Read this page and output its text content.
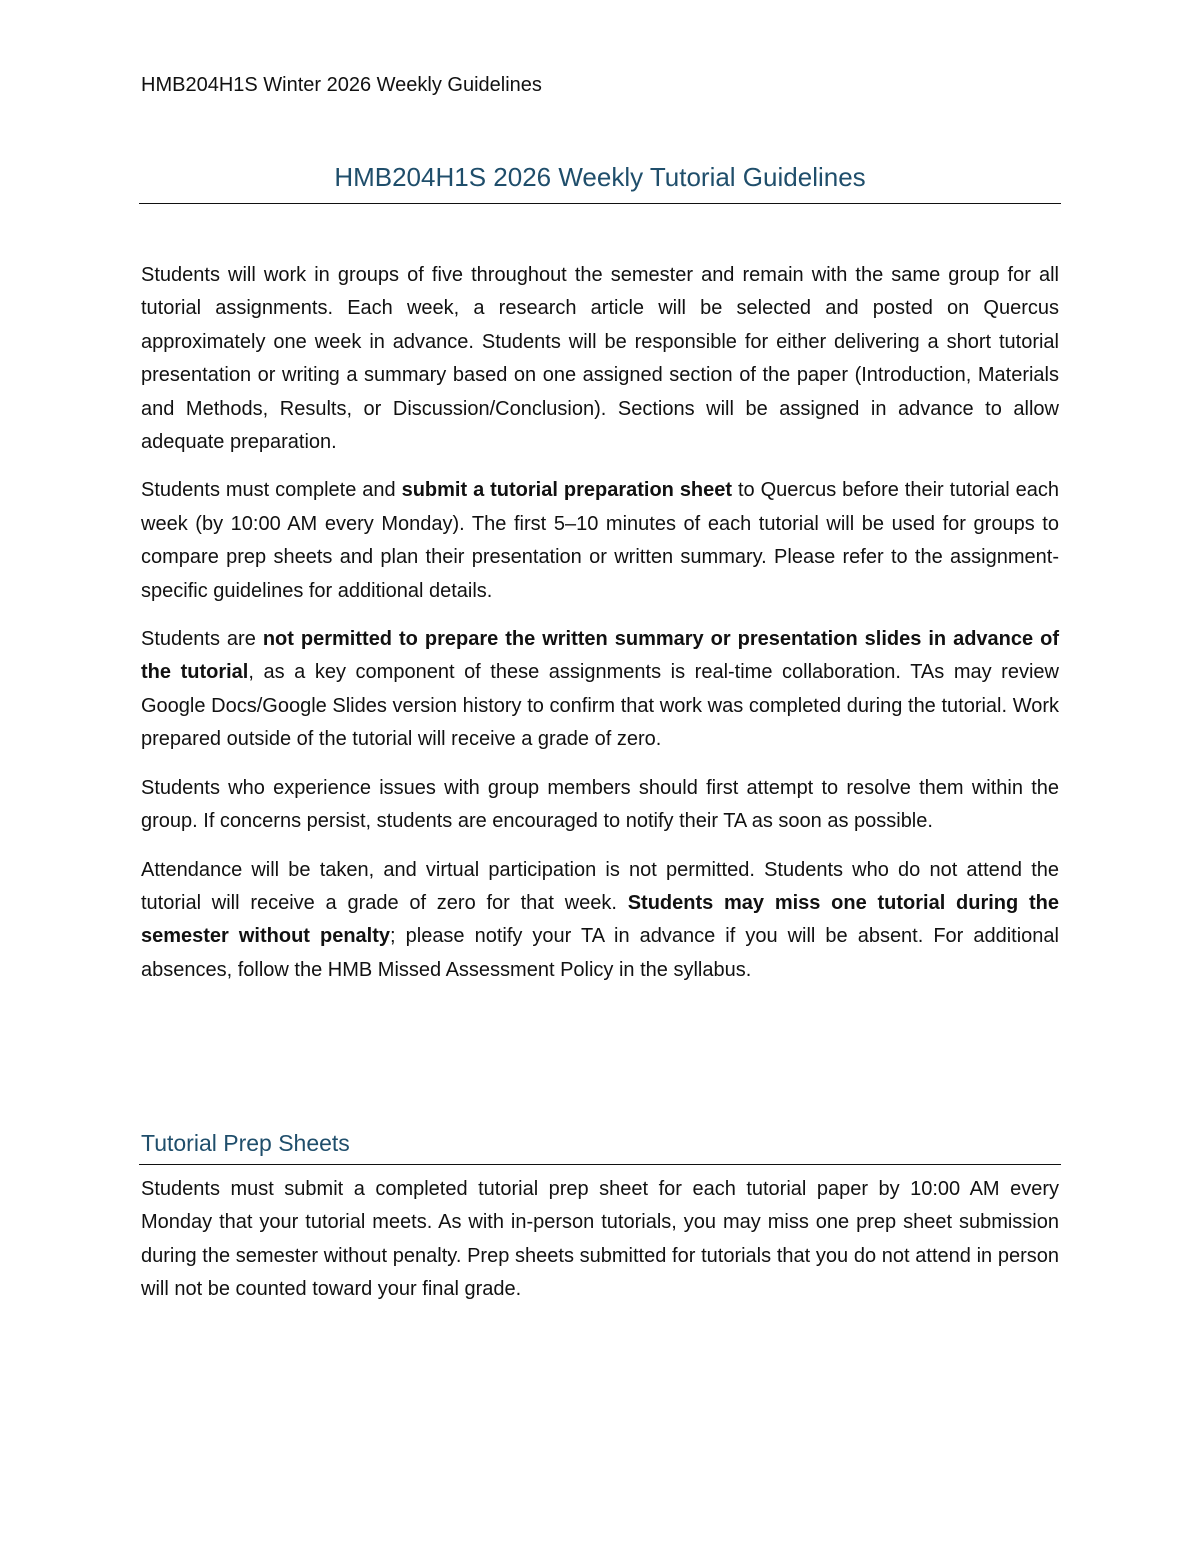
HMB204H1S Winter 2026 Weekly Guidelines
HMB204H1S 2026 Weekly Tutorial Guidelines

Students will work in groups of five throughout the semester and remain with the same group for all tutorial assignments. Each week, a research article will be selected and posted on Quercus approximately one week in advance. Students will be responsible for either delivering a short tutorial presentation or writing a summary based on one assigned section of the paper (Introduction, Materials and Methods, Results, or Discussion/Conclusion). Sections will be assigned in advance to allow adequate preparation.

Students must complete and submit a tutorial preparation sheet to Quercus before their tutorial each week (by 10:00 AM every Monday). The first 5–10 minutes of each tutorial will be used for groups to compare prep sheets and plan their presentation or written summary. Please refer to the assignment-specific guidelines for additional details.

Students are not permitted to prepare the written summary or presentation slides in advance of the tutorial, as a key component of these assignments is real-time collaboration. TAs may review Google Docs/Google Slides version history to confirm that work was completed during the tutorial. Work prepared outside of the tutorial will receive a grade of zero.

Students who experience issues with group members should first attempt to resolve them within the group. If concerns persist, students are encouraged to notify their TA as soon as possible.

Attendance will be taken, and virtual participation is not permitted. Students who do not attend the tutorial will receive a grade of zero for that week. Students may miss one tutorial during the semester without penalty; please notify your TA in advance if you will be absent. For additional absences, follow the HMB Missed Assessment Policy in the syllabus.

Tutorial Prep Sheets

Students must submit a completed tutorial prep sheet for each tutorial paper by 10:00 AM every Monday that your tutorial meets. As with in-person tutorials, you may miss one prep sheet submission during the semester without penalty. Prep sheets submitted for tutorials that you do not attend in person will not be counted toward your final grade.
